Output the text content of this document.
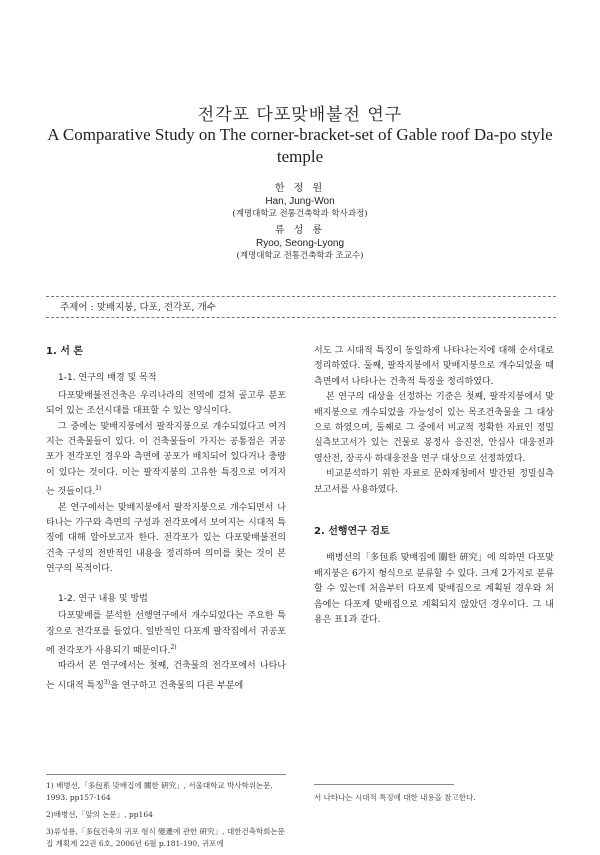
전각포 다포맞배불전 연구
A Comparative Study on The corner-bracket-set of Gable roof Da-po style temple
한 정 원
Han, Jung-Won
(계명대학교 전통건축학과 학사과정)
류 성 룡
Ryoo, Seong-Lyong
(계명대학교 전통건축학과 조교수)
주제어 : 맞배지붕, 다포, 전각포, 개수
1. 서 론
1-1. 연구의 배경 및 목적

다포맞배불전건축은 우리나라의 전역에 걸쳐 골고루 분포되어 있는 조선시대를 대표할 수 있는 양식이다.

그 중에는 맞배지붕에서 팔작지붕으로 개수되었다고 여겨지는 건축물들이 있다. 이 건축물들이 가지는 공통점은 귀공포가 전각포인 경우와 측면에 공포가 배치되어 있다거나 충량이 있다는 것이다. 이는 팔작지붕의 고유한 특징으로 여겨지는 것들이다.$^{1)}$

본 연구에서는 맞배지붕에서 팔작지붕으로 개수되면서 나타나는 가구와 측면의 구성과 전각포에서 보여지는 시대적 특징에 대해 알아보고자 한다. 전각포가 있는 다포맞배불전의 건축 구성의 전반적인 내용을 정리하여 의미를 찾는 것이 본 연구의 목적이다.

1-2. 연구 내용 및 방법

다포맞배를 분석한 선행연구에서 개수되었다는 주요한 특징으로 전각포를 들었다. 일반적인 다포계 팔작집에서 귀공포에 전각포가 사용되기 때문이다.$^{2)}$

따라서 본 연구에서는 첫째, 건축물의 전각포에서 나타나는 시대적 특징$^{3)}$을 연구하고 건축물의 다른 부분에

1) 배병선,「多包系 맞배집에 關한 硏究」, 서울대학교 박사학위논문, 1993. pp157-164
2)배병선,「앞의 논문」, pp164
3)류성룡,「多包건축의 귀포 형식 變遷에 관한 硏究」, 대한건축학회논문집 계획계 22권 6호, 2006년 6월 p.181-190, 귀포에

서도 그 시대적 특징이 동일하게 나타나는지에 대해 순서대로 정리하였다. 둘째, 팔작지붕에서 맞배지붕으로 개수되었을 때 측면에서 나타나는 건축적 특징을 정리하였다.

본 연구의 대상을 선정하는 기준은 첫째, 팔작지붕에서 맞배지붕으로 개수되었을 가능성이 있는 목조건축물을 그 대상으로 하였으며, 둘째로 그 중에서 비교적 정확한 자료인 정밀실측보고서가 있는 건물로 봉정사 응진전, 안심사 대웅전과 영산전, 장곡사 하대웅전을 연구 대상으로 선정하였다.

비교분석하기 위한 자료로 문화재청에서 발간된 정밀실측보고서를 사용하였다.

2. 선행연구 검토

배병선의「多包系 맞배집에 關한 硏究」에 의하면 다포맞배지붕은 6가지 형식으로 분류할 수 있다. 크게 2가지로 분류할 수 있는데 처음부터 다포계 맞배집으로 계획된 경우와 처음에는 다포계 맞배집으로 계획되지 않았던 경우이다. 그 내용은 표1과 같다.

서 나타나는 시대적 특징에 대한 내용을 참고한다.
